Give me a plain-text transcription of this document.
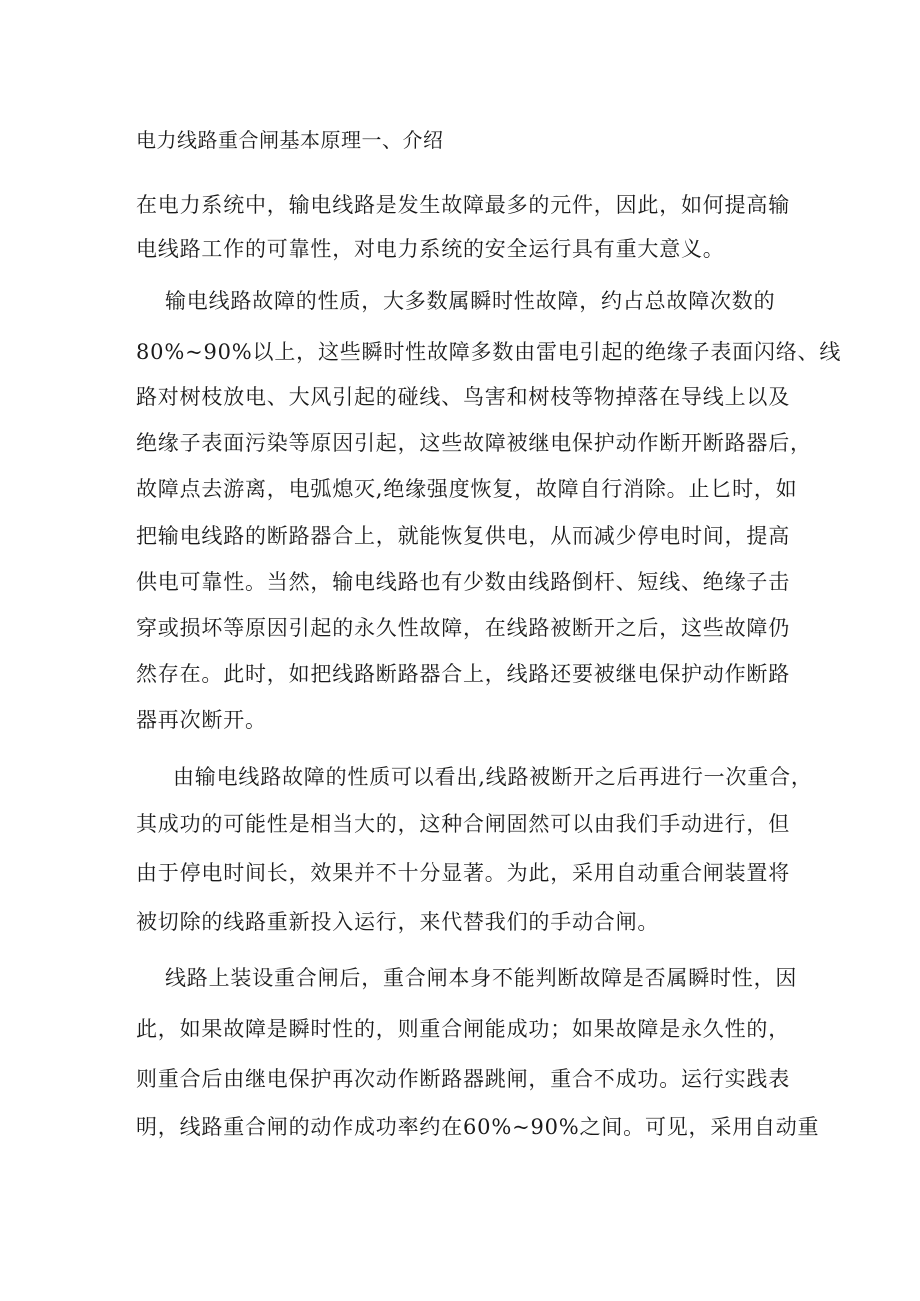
电力线路重合闸基本原理一、介绍
在电力系统中，输电线路是发生故障最多的元件，因此，如何提高输
电线路工作的可靠性，对电力系统的安全运行具有重大意义。
输电线路故障的性质，大多数属瞬时性故障，约占总故障次数的
80%~90%以上，这些瞬时性故障多数由雷电引起的绝缘子表面闪络、线
路对树枝放电、大风引起的碰线、鸟害和树枝等物掉落在导线上以及
绝缘子表面污染等原因引起，这些故障被继电保护动作断开断路器后，
故障点去游离，电弧熄灭,绝缘强度恢复，故障自行消除。止匕时，如
把输电线路的断路器合上，就能恢复供电，从而减少停电时间，提高
供电可靠性。当然，输电线路也有少数由线路倒杆、短线、绝缘子击
穿或损坏等原因引起的永久性故障，在线路被断开之后，这些故障仍
然存在。此时，如把线路断路器合上，线路还要被继电保护动作断路
器再次断开。
由输电线路故障的性质可以看出,线路被断开之后再进行一次重合，
其成功的可能性是相当大的，这种合闸固然可以由我们手动进行，但
由于停电时间长，效果并不十分显著。为此，采用自动重合闸装置将
被切除的线路重新投入运行，来代替我们的手动合闸。
线路上装设重合闸后，重合闸本身不能判断故障是否属瞬时性，因
此，如果故障是瞬时性的，则重合闸能成功；如果故障是永久性的，
则重合后由继电保护再次动作断路器跳闸，重合不成功。运行实践表
明，线路重合闸的动作成功率约在60%~90%之间。可见，采用自动重
